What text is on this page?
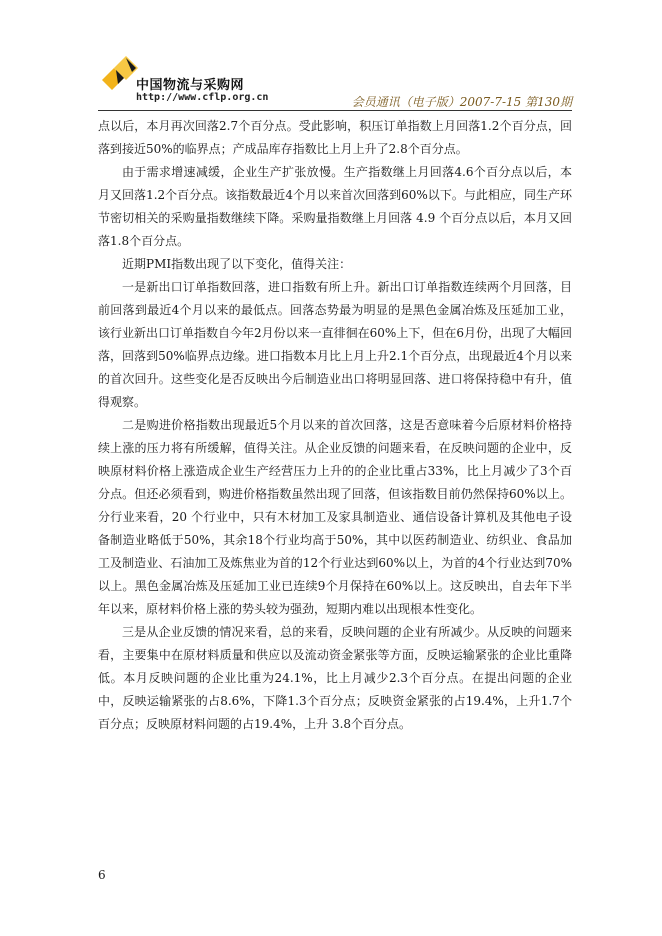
中国物流与采购网
http://www.cflp.org.cn	会员通讯（电子版）2007-7-15 第130期

点以后，本月再次回落2.7个百分点。受此影响，积压订单指数上月回落1.2个百分点，回落到接近50%的临界点；产成品库存指数比上月上升了2.8个百分点。

由于需求增速减缓，企业生产扩张放慢。生产指数继上月回落4.6个百分点以后，本月又回落1.2个百分点。该指数最近4个月以来首次回落到60%以下。与此相应，同生产环节密切相关的采购量指数继续下降。采购量指数继上月回落 4.9 个百分点以后，本月又回落1.8个百分点。

近期PMI指数出现了以下变化，值得关注：

一是新出口订单指数回落，进口指数有所上升。新出口订单指数连续两个月回落，目前回落到最近4个月以来的最低点。回落态势最为明显的是黑色金属冶炼及压延加工业，该行业新出口订单指数自今年2月份以来一直徘徊在60%上下，但在6月份，出现了大幅回落，回落到50%临界点边缘。进口指数本月比上月上升2.1个百分点，出现最近4个月以来的首次回升。这些变化是否反映出今后制造业出口将明显回落、进口将保持稳中有升，值得观察。

二是购进价格指数出现最近5个月以来的首次回落，这是否意味着今后原材料价格持续上涨的压力将有所缓解，值得关注。从企业反馈的问题来看，在反映问题的企业中，反映原材料价格上涨造成企业生产经营压力上升的的企业比重占33%，比上月减少了3个百分点。但还必须看到，购进价格指数虽然出现了回落，但该指数目前仍然保持60%以上。分行业来看，20 个行业中，只有木材加工及家具制造业、通信设备计算机及其他电子设备制造业略低于50%，其余18个行业均高于50%，其中以医药制造业、纺织业、食品加工及制造业、石油加工及炼焦业为首的12个行业达到60%以上，为首的4个行业达到70%以上。黑色金属冶炼及压延加工业已连续9个月保持在60%以上。这反映出，自去年下半年以来，原材料价格上涨的势头较为强劲，短期内难以出现根本性变化。

三是从企业反馈的情况来看，总的来看，反映问题的企业有所减少。从反映的问题来看，主要集中在原材料质量和供应以及流动资金紧张等方面，反映运输紧张的企业比重降低。本月反映问题的企业比重为24.1%，比上月减少2.3个百分点。在提出问题的企业中，反映运输紧张的占8.6%，下降1.3个百分点；反映资金紧张的占19.4%，上升1.7个百分点；反映原材料问题的占19.4%，上升 3.8个百分点。

6
